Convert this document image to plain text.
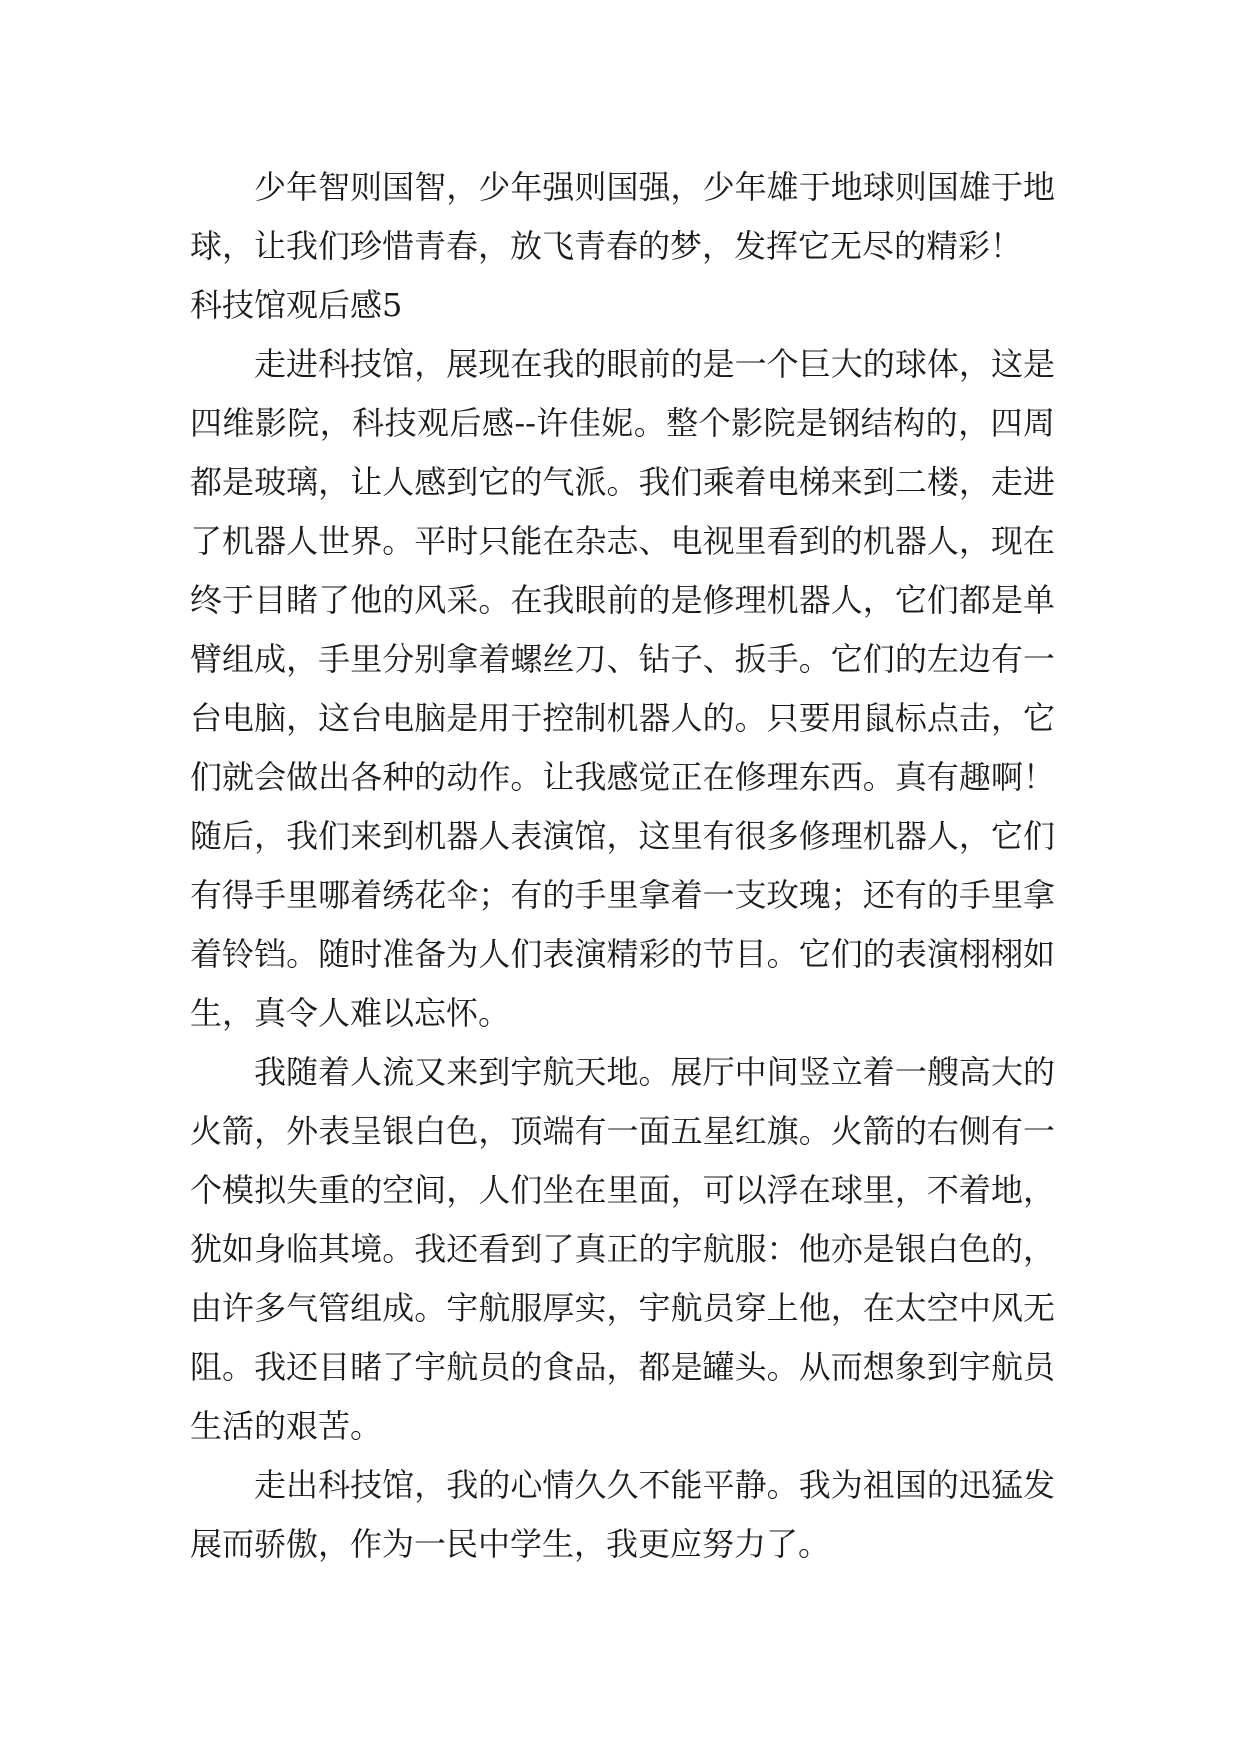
少年智则国智，少年强则国强，少年雄于地球则国雄于地球，让我们珍惜青春，放飞青春的梦，发挥它无尽的精彩！

科技馆观后感5

走进科技馆，展现在我的眼前的是一个巨大的球体，这是四维影院，科技观后感--许佳妮。整个影院是钢结构的，四周都是玻璃，让人感到它的气派。我们乘着电梯来到二楼，走进了机器人世界。平时只能在杂志、电视里看到的机器人，现在终于目睹了他的风采。在我眼前的是修理机器人，它们都是单臂组成，手里分别拿着螺丝刀、钻子、扳手。它们的左边有一台电脑，这台电脑是用于控制机器人的。只要用鼠标点击，它们就会做出各种的动作。让我感觉正在修理东西。真有趣啊！随后，我们来到机器人表演馆，这里有很多修理机器人，它们有得手里哪着绣花伞；有的手里拿着一支玫瑰；还有的手里拿着铃铛。随时准备为人们表演精彩的节目。它们的表演栩栩如生，真令人难以忘怀。

我随着人流又来到宇航天地。展厅中间竖立着一艘高大的火箭，外表呈银白色，顶端有一面五星红旗。火箭的右侧有一个模拟失重的空间，人们坐在里面，可以浮在球里，不着地，犹如身临其境。我还看到了真正的宇航服：他亦是银白色的，由许多气管组成。宇航服厚实，宇航员穿上他，在太空中风无阻。我还目睹了宇航员的食品，都是罐头。从而想象到宇航员生活的艰苦。

走出科技馆，我的心情久久不能平静。我为祖国的迅猛发展而骄傲，作为一民中学生，我更应努力了。
